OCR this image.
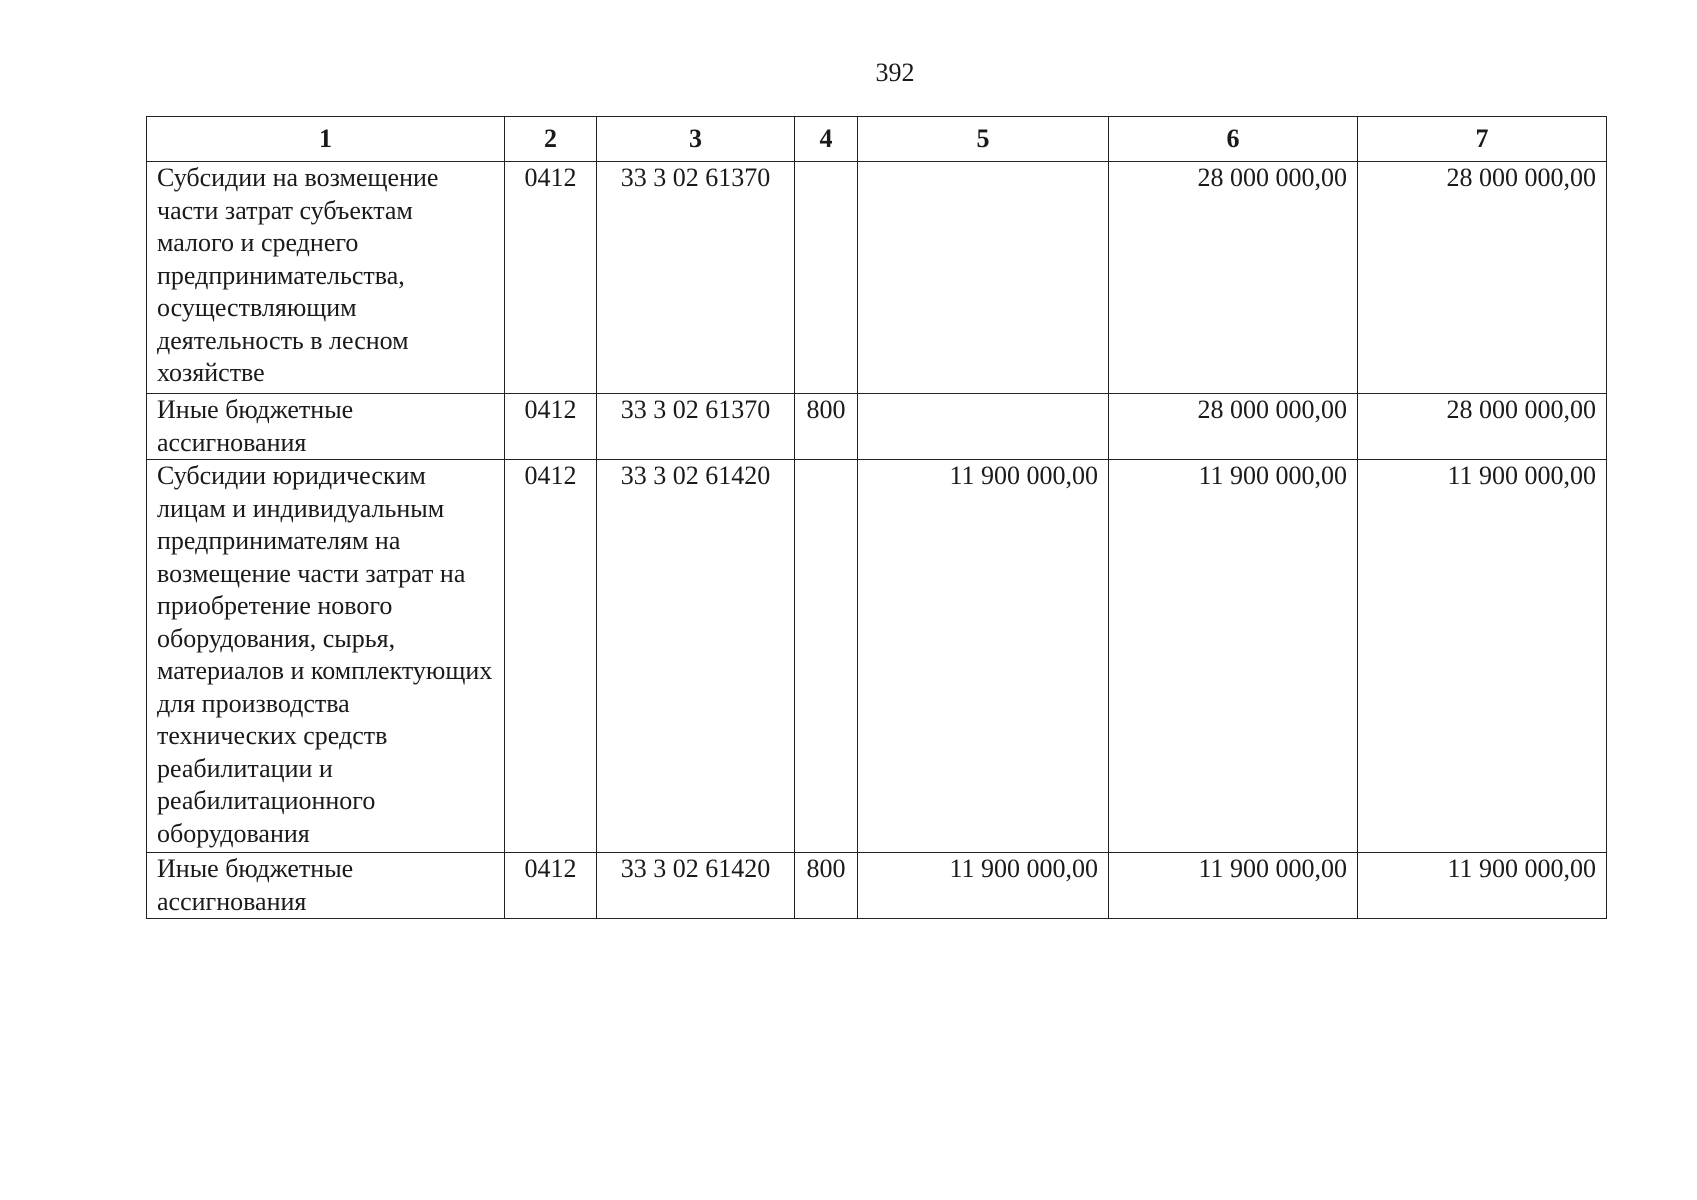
392
1	2	3	4	5	6	7
Субсидии на возмещение части затрат субъектам малого и среднего предпринимательства, осуществляющим деятельность в лесном хозяйстве	0412	33 3 02 61370			28 000 000,00	28 000 000,00
Иные бюджетные ассигнования	0412	33 3 02 61370	800		28 000 000,00	28 000 000,00
Субсидии юридическим лицам и индивидуальным предпринимателям на возмещение части затрат на приобретение нового оборудования, сырья, материалов и комплектующих для производства технических средств реабилитации и реабилитационного оборудования	0412	33 3 02 61420		11 900 000,00	11 900 000,00	11 900 000,00
Иные бюджетные ассигнования	0412	33 3 02 61420	800	11 900 000,00	11 900 000,00	11 900 000,00
